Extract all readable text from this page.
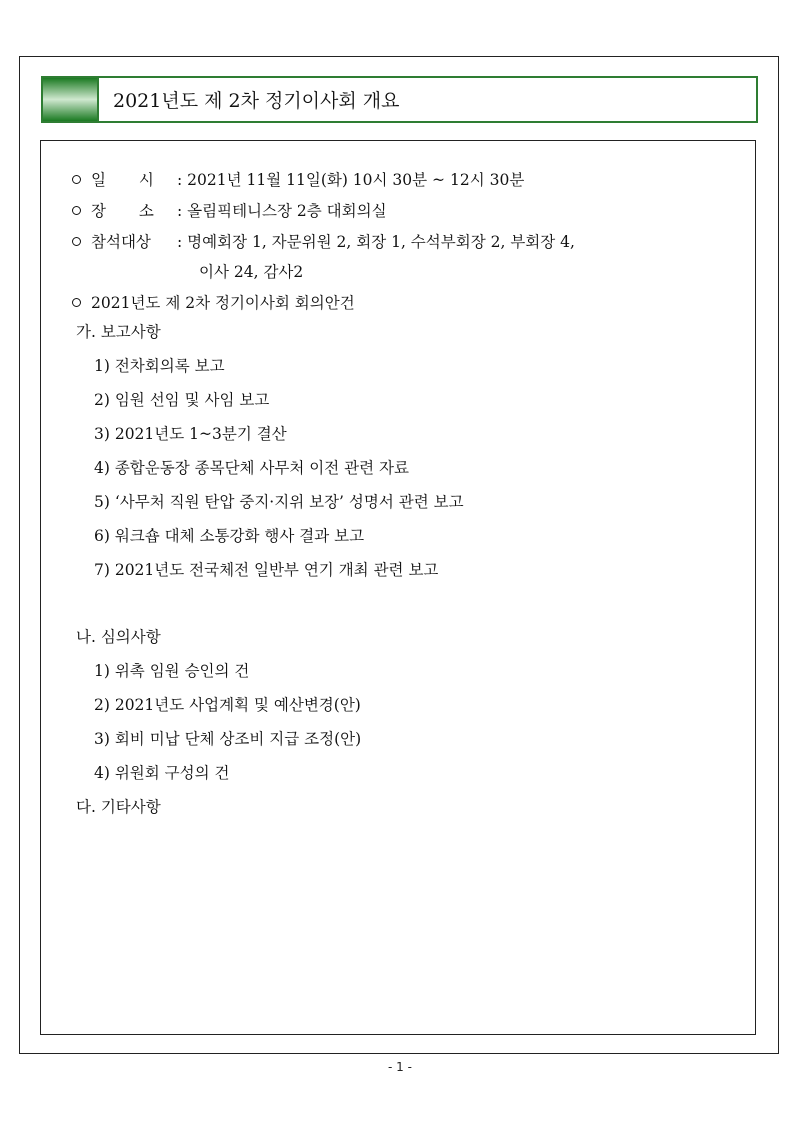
2021년도 제 2차 정기이사회 개요
일 시 : 2021년 11월 11일(화) 10시 30분 ~ 12시 30분
장 소 : 올림픽테니스장 2층 대회의실
참석대상 : 명예회장 1, 자문위원 2, 회장 1, 수석부회장 2, 부회장 4,
이사 24, 감사2
2021년도 제 2차 정기이사회 회의안건
가. 보고사항
1) 전차회의록 보고
2) 임원 선임 및 사임 보고
3) 2021년도 1~3분기 결산
4) 종합운동장 종목단체 사무처 이전 관련 자료
5) ‘사무처 직원 탄압 중지·지위 보장’ 성명서 관련 보고
6) 워크숍 대체 소통강화 행사 결과 보고
7) 2021년도 전국체전 일반부 연기 개최 관련 보고
나. 심의사항
1) 위촉 임원 승인의 건
2) 2021년도 사업계획 및 예산변경(안)
3) 회비 미납 단체 상조비 지급 조정(안)
4) 위원회 구성의 건
다. 기타사항
- 1 -
